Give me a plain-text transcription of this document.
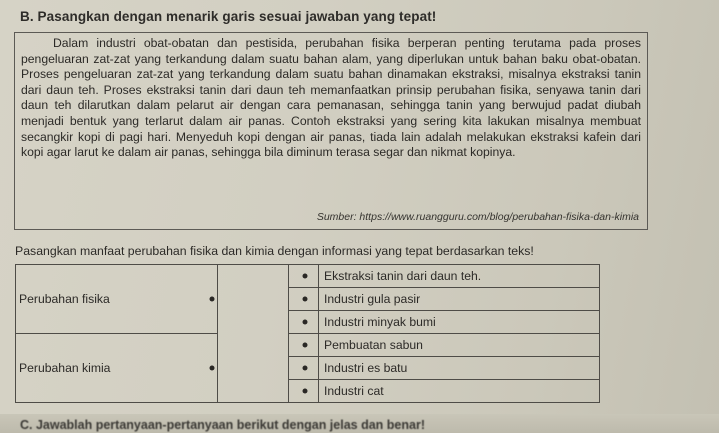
B. Pasangkan dengan menarik garis sesuai jawaban yang tepat!

Dalam industri obat-obatan dan pestisida, perubahan fisika berperan penting terutama pada proses pengeluaran zat-zat yang terkandung dalam suatu bahan alam, yang diperlukan untuk bahan baku obat-obatan. Proses pengeluaran zat-zat yang terkandung dalam suatu bahan dinamakan ekstraksi, misalnya ekstraksi tanin dari daun teh. Proses ekstraksi tanin dari daun teh memanfaatkan prinsip perubahan fisika, senyawa tanin dari daun teh dilarutkan dalam pelarut air dengan cara pemanasan, sehingga tanin yang berwujud padat diubah menjadi bentuk yang terlarut dalam air panas. Contoh ekstraksi yang sering kita lakukan misalnya membuat secangkir kopi di pagi hari. Menyeduh kopi dengan air panas, tiada lain adalah melakukan ekstraksi kafein dari kopi agar larut ke dalam air panas, sehingga bila diminum terasa segar dan nikmat kopinya.

Sumber: https://www.ruangguru.com/blog/perubahan-fisika-dan-kimia
Pasangkan manfaat perubahan fisika dan kimia dengan informasi yang tepat berdasarkan teks!
Perubahan fisika			Ekstraksi tanin dari daun teh.

			Industri gula pasir

			Industri minyak bumi
Perubahan kimia			Pembuatan sabun

			Industri es batu

			Industri cat
C. Jawablah pertanyaan-pertanyaan berikut dengan jelas dan benar!
